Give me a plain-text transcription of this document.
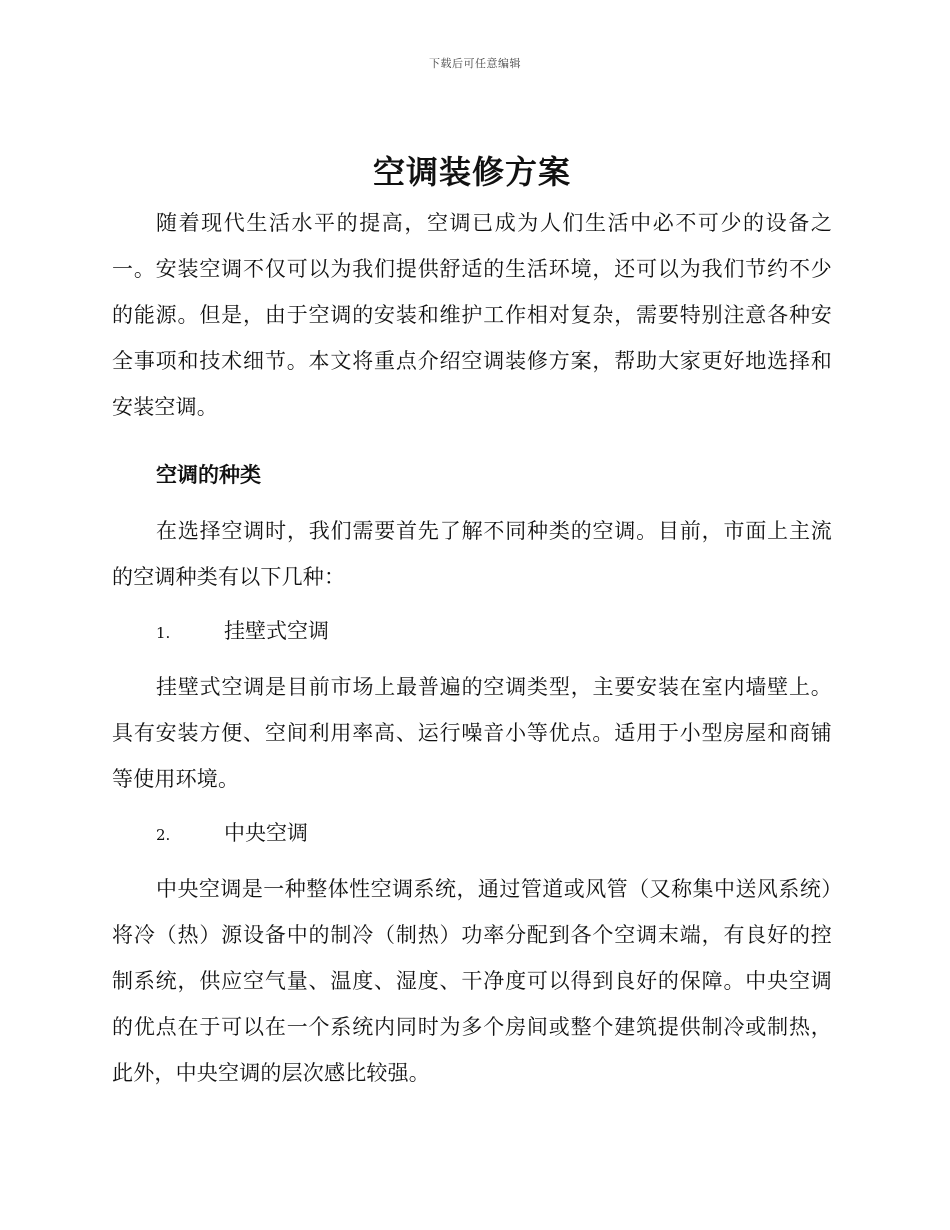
下载后可任意编辑
空调装修方案

随着现代生活水平的提高，空调已成为人们生活中必不可少的设备之一。安装空调不仅可以为我们提供舒适的生活环境，还可以为我们节约不少的能源。但是，由于空调的安装和维护工作相对复杂，需要特别注意各种安全事项和技术细节。本文将重点介绍空调装修方案，帮助大家更好地选择和安装空调。

空调的种类

在选择空调时，我们需要首先了解不同种类的空调。目前，市面上主流的空调种类有以下几种：

1.	挂壁式空调

挂壁式空调是目前市场上最普遍的空调类型，主要安装在室内墙壁上。具有安装方便、空间利用率高、运行噪音小等优点。适用于小型房屋和商铺等使用环境。

2.	中央空调

中央空调是一种整体性空调系统，通过管道或风管（又称集中送风系统）将冷（热）源设备中的制冷（制热）功率分配到各个空调末端，有良好的控制系统，供应空气量、温度、湿度、干净度可以得到良好的保障。中央空调的优点在于可以在一个系统内同时为多个房间或整个建筑提供制冷或制热，此外，中央空调的层次感比较强。
